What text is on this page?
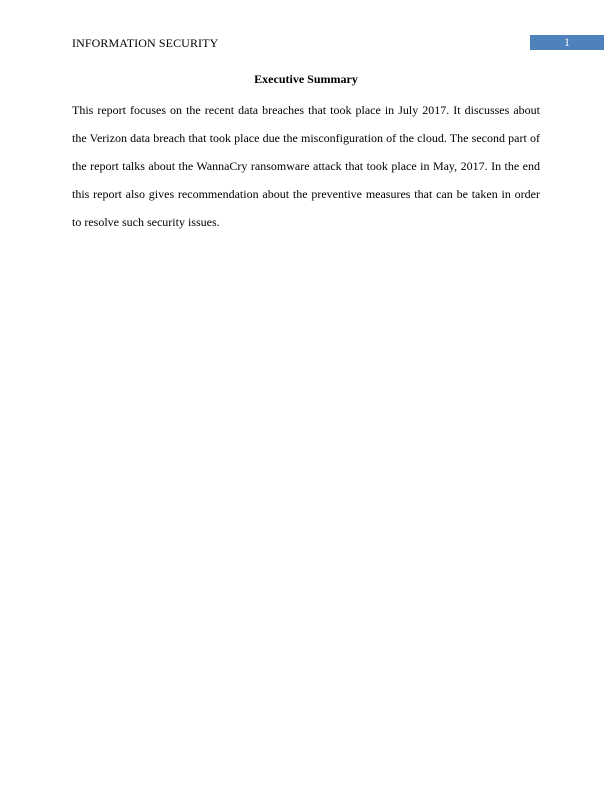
INFORMATION SECURITY	1
Executive Summary

This report focuses on the recent data breaches that took place in July 2017. It discusses about the Verizon data breach that took place due the misconfiguration of the cloud. The second part of the report talks about the WannaCry ransomware attack that took place in May, 2017. In the end this report also gives recommendation about the preventive measures that can be taken in order to resolve such security issues.
